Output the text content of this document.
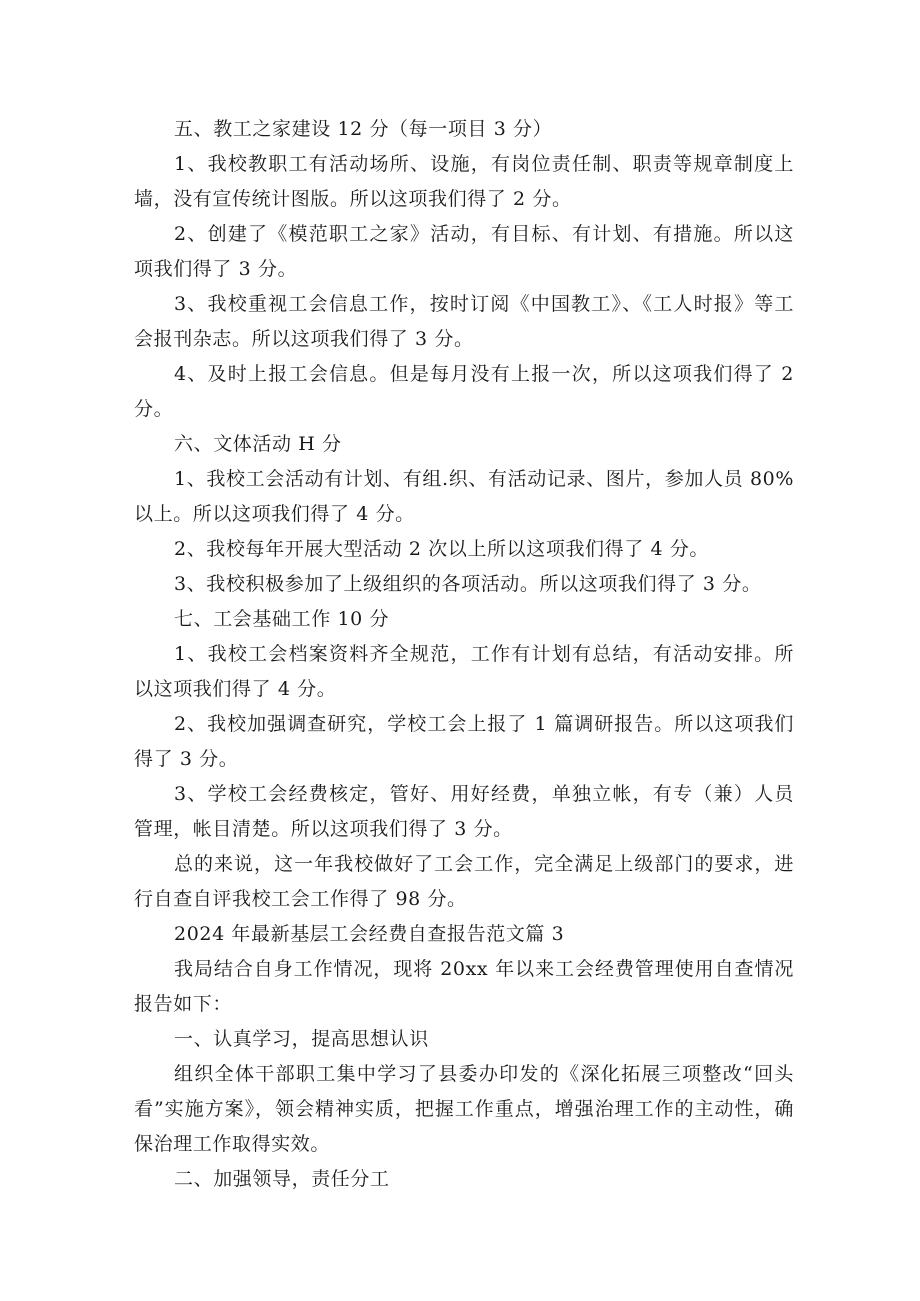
五、教工之家建设 12 分（每一项目 3 分）

1、我校教职工有活动场所、设施，有岗位责任制、职责等规章制度上墙，没有宣传统计图版。所以这项我们得了 2 分。

2、创建了《模范职工之家》活动，有目标、有计划、有措施。所以这项我们得了 3 分。

3、我校重视工会信息工作，按时订阅《中国教工》、《工人时报》等工会报刊杂志。所以这项我们得了 3 分。

4、及时上报工会信息。但是每月没有上报一次，所以这项我们得了 2 分。

六、文体活动 H 分

1、我校工会活动有计划、有组.织、有活动记录、图片，参加人员 80%以上。所以这项我们得了 4 分。

2、我校每年开展大型活动 2 次以上所以这项我们得了 4 分。

3、我校积极参加了上级组织的各项活动。所以这项我们得了 3 分。

七、工会基础工作 10 分

1、我校工会档案资料齐全规范，工作有计划有总结，有活动安排。所以这项我们得了 4 分。

2、我校加强调查研究，学校工会上报了 1 篇调研报告。所以这项我们得了 3 分。

3、学校工会经费核定，管好、用好经费，单独立帐，有专（兼）人员管理，帐目清楚。所以这项我们得了 3 分。

总的来说，这一年我校做好了工会工作，完全满足上级部门的要求，进行自查自评我校工会工作得了 98 分。

2024 年最新基层工会经费自查报告范文篇 3

我局结合自身工作情况，现将 20xx 年以来工会经费管理使用自查情况报告如下：

一、认真学习，提高思想认识

组织全体干部职工集中学习了县委办印发的《深化拓展三项整改“回头看”实施方案》，领会精神实质，把握工作重点，增强治理工作的主动性，确保治理工作取得实效。

二、加强领导，责任分工
